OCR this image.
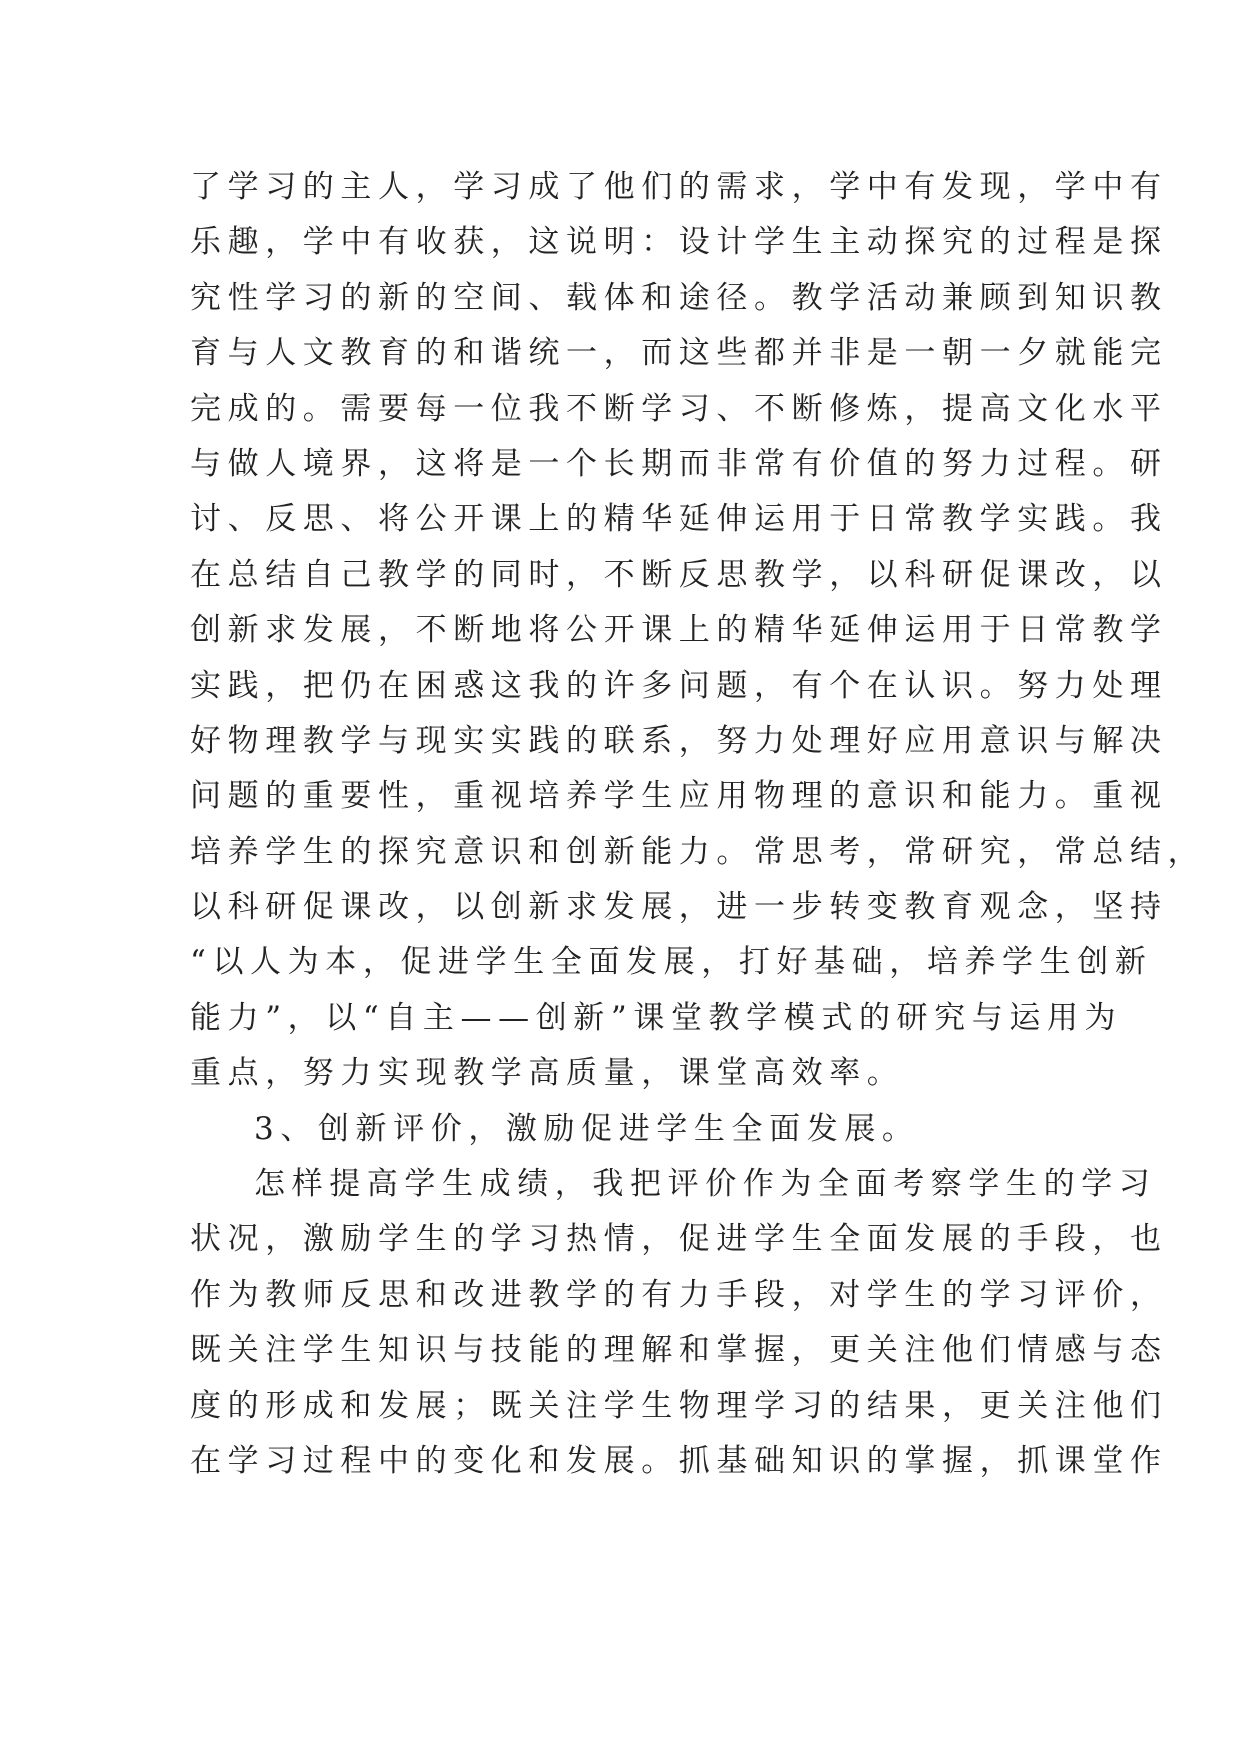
了学习的主人，学习成了他们的需求，学中有发现，学中有
乐趣，学中有收获，这说明：设计学生主动探究的过程是探
究性学习的新的空间、载体和途径。教学活动兼顾到知识教
育与人文教育的和谐统一，而这些都并非是一朝一夕就能完
完成的。需要每一位我不断学习、不断修炼，提高文化水平
与做人境界，这将是一个长期而非常有价值的努力过程。研
讨、反思、将公开课上的精华延伸运用于日常教学实践。我
在总结自己教学的同时，不断反思教学，以科研促课改，以
创新求发展，不断地将公开课上的精华延伸运用于日常教学
实践，把仍在困惑这我的许多问题，有个在认识。努力处理
好物理教学与现实实践的联系，努力处理好应用意识与解决
问题的重要性，重视培养学生应用物理的意识和能力。重视
培养学生的探究意识和创新能力。常思考，常研究，常总结，
以科研促课改，以创新求发展，进一步转变教育观念，坚持
“以人为本，促进学生全面发展，打好基础，培养学生创新
能力”，以“自主——创新”课堂教学模式的研究与运用为
重点，努力实现教学高质量，课堂高效率。
3、创新评价，激励促进学生全面发展。
怎样提高学生成绩，我把评价作为全面考察学生的学习
状况，激励学生的学习热情，促进学生全面发展的手段，也
作为教师反思和改进教学的有力手段，对学生的学习评价，
既关注学生知识与技能的理解和掌握，更关注他们情感与态
度的形成和发展；既关注学生物理学习的结果，更关注他们
在学习过程中的变化和发展。抓基础知识的掌握，抓课堂作
